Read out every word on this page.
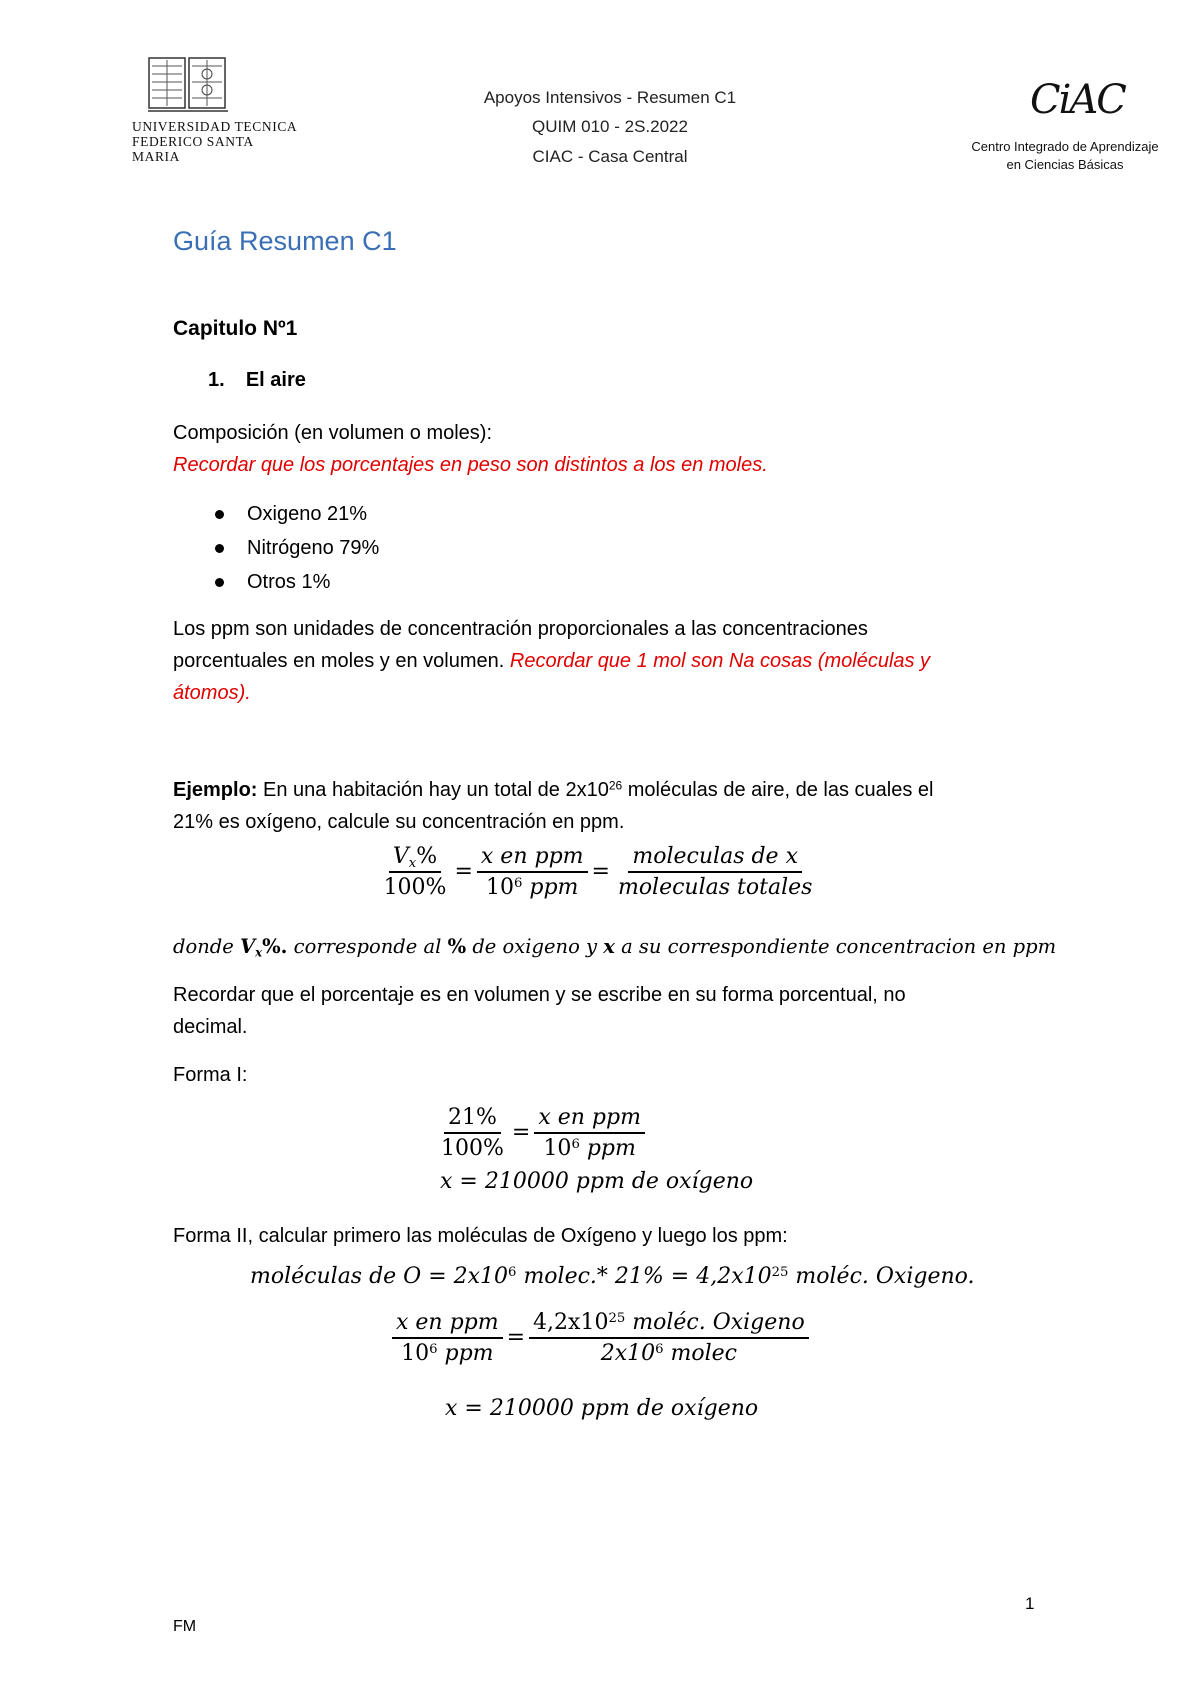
UNIVERSIDAD TECNICA
FEDERICO SANTA MARIA
Apoyos Intensivos - Resumen C1
QUIM 010 - 2S.2022
CIAC - Casa Central
CiAC
Centro Integrado de Aprendizaje
en Ciencias Básicas
Guía Resumen C1
Capitulo Nº1
1. El aire
Composición (en volumen o moles):
Recordar que los porcentajes en peso son distintos a los en moles.
Oxigeno 21%
Nitrógeno 79%
Otros 1%
Los ppm son unidades de concentración proporcionales a las concentraciones
porcentuales en moles y en volumen. Recordar que 1 mol son Na cosas (moléculas y
átomos).
Ejemplo: En una habitación hay un total de $2x10^{26}$ moléculas de aire, de las cuales el
21% es oxígeno, calcule su concentración en ppm.
$\frac{V_x\%}{100\%} = \frac{\text{x en ppm}}{10^6 ppm} = \frac{\text{moleculas de x}}{\text{moleculas totales}}$
donde $V_x\%$. corresponde al % de oxigeno y x a su correspondiente concentracion en ppm
Recordar que el porcentaje es en volumen y se escribe en su forma porcentual, no
decimal.
Forma I:
$\frac{21\%}{100\%} = \frac{\text{x en ppm}}{10^6 ppm}$
x = 210000 ppm de oxígeno
Forma II, calcular primero las moléculas de Oxígeno y luego los ppm:
moléculas de $O = 2x10^6$ molec.* $21\% = 4,2x10^{25}$ moléc. Oxigeno.
$\frac{\text{x en ppm}}{10^6 ppm} = \frac{4,2x10^{25} moléc. Oxigeno}{2x10^6 molec}$
x = 210000 ppm de oxígeno
1
FM
